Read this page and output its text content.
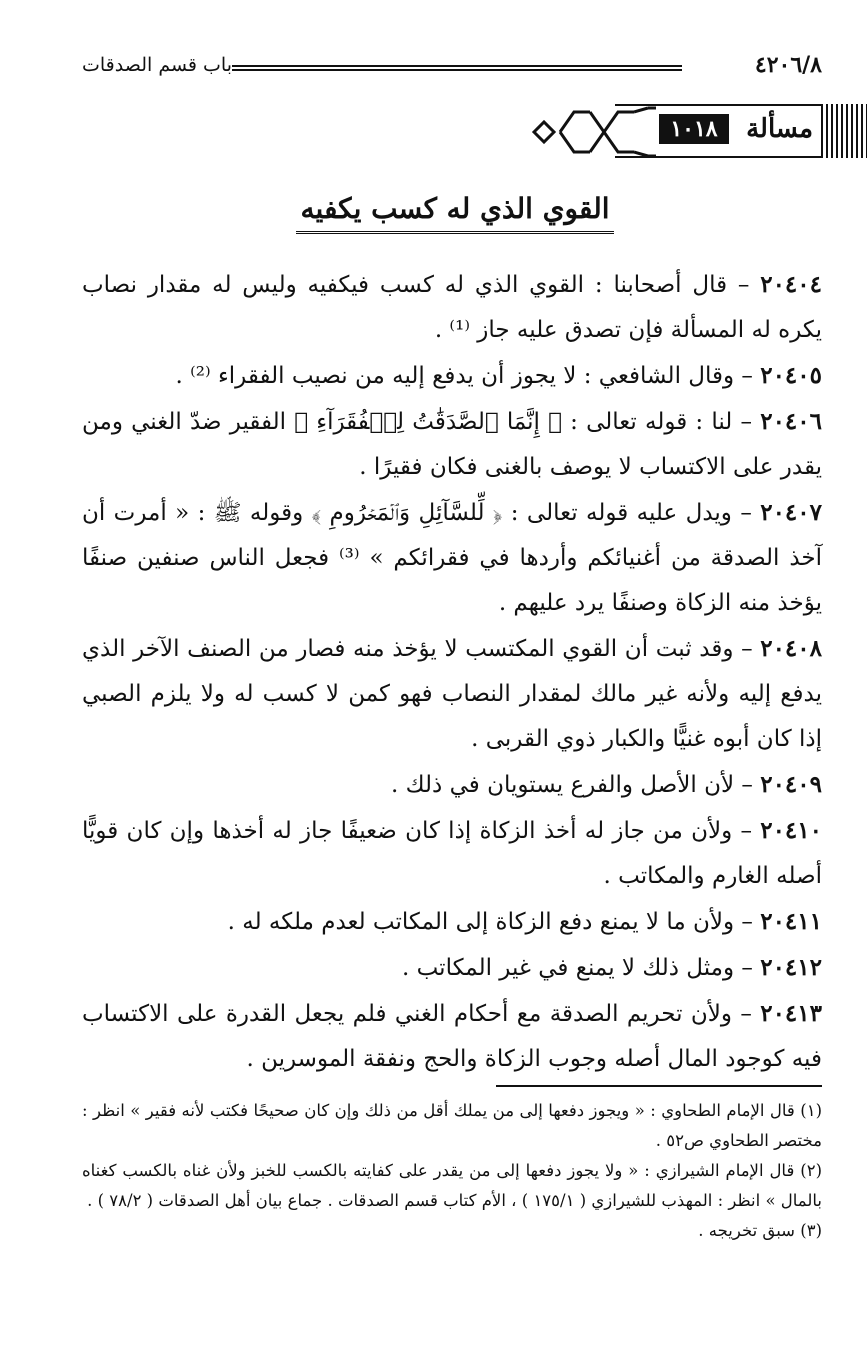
٤٢٠٦/٨
باب قسم الصدقات
مسألة
١٠١٨
القوي الذي له كسب يكفيه

٢٠٤٠٤ – قال أصحابنا : القوي الذي له كسب فيكفيه وليس له مقدار نصاب يكره له المسألة فإن تصدق عليه جاز ⁽¹⁾ .

٢٠٤٠٥ – وقال الشافعي : لا يجوز أن يدفع إليه من نصيب الفقراء ⁽²⁾ .

٢٠٤٠٦ – لنا : قوله تعالى : ﴿ إِنَّمَا ٱلصَّدَقَٰتُ لِلۡفُقَرَآءِ ﴾ الفقير ضدّ الغني ومن يقدر على الاكتساب لا يوصف بالغنى فكان فقيرًا .

٢٠٤٠٧ – ويدل عليه قوله تعالى : ﴿ لِّلسَّآئِلِ وَٱلۡمَحۡرُومِ ﴾ وقوله ﷺ : « أمرت أن آخذ الصدقة من أغنيائكم وأردها في فقرائكم » ⁽³⁾ فجعل الناس صنفين صنفًا يؤخذ منه الزكاة وصنفًا يرد عليهم .

٢٠٤٠٨ – وقد ثبت أن القوي المكتسب لا يؤخذ منه فصار من الصنف الآخر الذي يدفع إليه ولأنه غير مالك لمقدار النصاب فهو كمن لا كسب له ولا يلزم الصبي إذا كان أبوه غنيًّا والكبار ذوي القربى .

٢٠٤٠٩ – لأن الأصل والفرع يستويان في ذلك .

٢٠٤١٠ – ولأن من جاز له أخذ الزكاة إذا كان ضعيفًا جاز له أخذها وإن كان قويًّا أصله الغارم والمكاتب .

٢٠٤١١ – ولأن ما لا يمنع دفع الزكاة إلى المكاتب لعدم ملكه له .

٢٠٤١٢ – ومثل ذلك لا يمنع في غير المكاتب .

٢٠٤١٣ – ولأن تحريم الصدقة مع أحكام الغني فلم يجعل القدرة على الاكتساب فيه كوجود المال أصله وجوب الزكاة والحج ونفقة الموسرين .

(١) قال الإمام الطحاوي : « ويجوز دفعها إلى من يملك أقل من ذلك وإن كان صحيحًا فكتب لأنه فقير » انظر : مختصر الطحاوي ص٥٢ .

(٢) قال الإمام الشيرازي : « ولا يجوز دفعها إلى من يقدر على كفايته بالكسب للخبز ولأن غناه بالكسب كغناه بالمال » انظر : المهذب للشيرازي ( ١٧٥/١ ) ، الأم كتاب قسم الصدقات . جماع بيان أهل الصدقات ( ٧٨/٢ ) .

(٣) سبق تخريجه .
